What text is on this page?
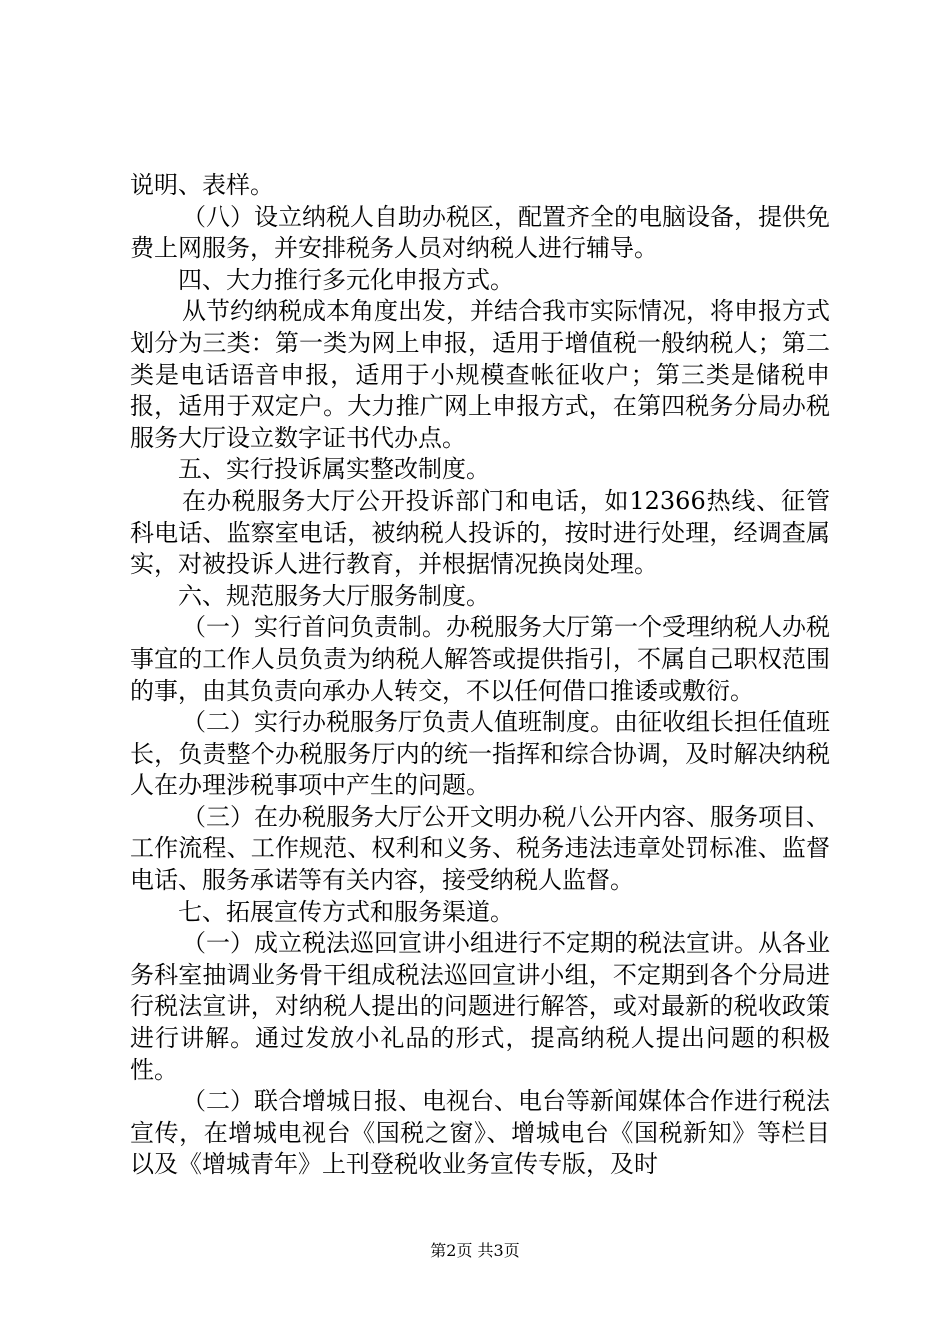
说明、表样。

（八）设立纳税人自助办税区，配置齐全的电脑设备，提供免费上网服务，并安排税务人员对纳税人进行辅导。

四、大力推行多元化申报方式。

从节约纳税成本角度出发，并结合我市实际情况，将申报方式划分为三类：第一类为网上申报，适用于增值税一般纳税人；第二类是电话语音申报，适用于小规模查帐征收户；第三类是储税申报，适用于双定户。大力推广网上申报方式，在第四税务分局办税服务大厅设立数字证书代办点。

五、实行投诉属实整改制度。

在办税服务大厅公开投诉部门和电话，如12366热线、征管科电话、监察室电话，被纳税人投诉的，按时进行处理，经调查属实，对被投诉人进行教育，并根据情况换岗处理。

六、规范服务大厅服务制度。

（一）实行首问负责制。办税服务大厅第一个受理纳税人办税事宜的工作人员负责为纳税人解答或提供指引，不属自己职权范围的事，由其负责向承办人转交，不以任何借口推诿或敷衍。

（二）实行办税服务厅负责人值班制度。由征收组长担任值班长，负责整个办税服务厅内的统一指挥和综合协调，及时解决纳税人在办理涉税事项中产生的问题。

（三）在办税服务大厅公开文明办税八公开内容、服务项目、工作流程、工作规范、权利和义务、税务违法违章处罚标准、监督电话、服务承诺等有关内容，接受纳税人监督。

七、拓展宣传方式和服务渠道。

（一）成立税法巡回宣讲小组进行不定期的税法宣讲。从各业务科室抽调业务骨干组成税法巡回宣讲小组，不定期到各个分局进行税法宣讲，对纳税人提出的问题进行解答，或对最新的税收政策进行讲解。通过发放小礼品的形式，提高纳税人提出问题的积极性。

（二）联合增城日报、电视台、电台等新闻媒体合作进行税法宣传，在增城电视台《国税之窗》、增城电台《国税新知》等栏目以及《增城青年》上刊登税收业务宣传专版，及时

第2页 共3页
